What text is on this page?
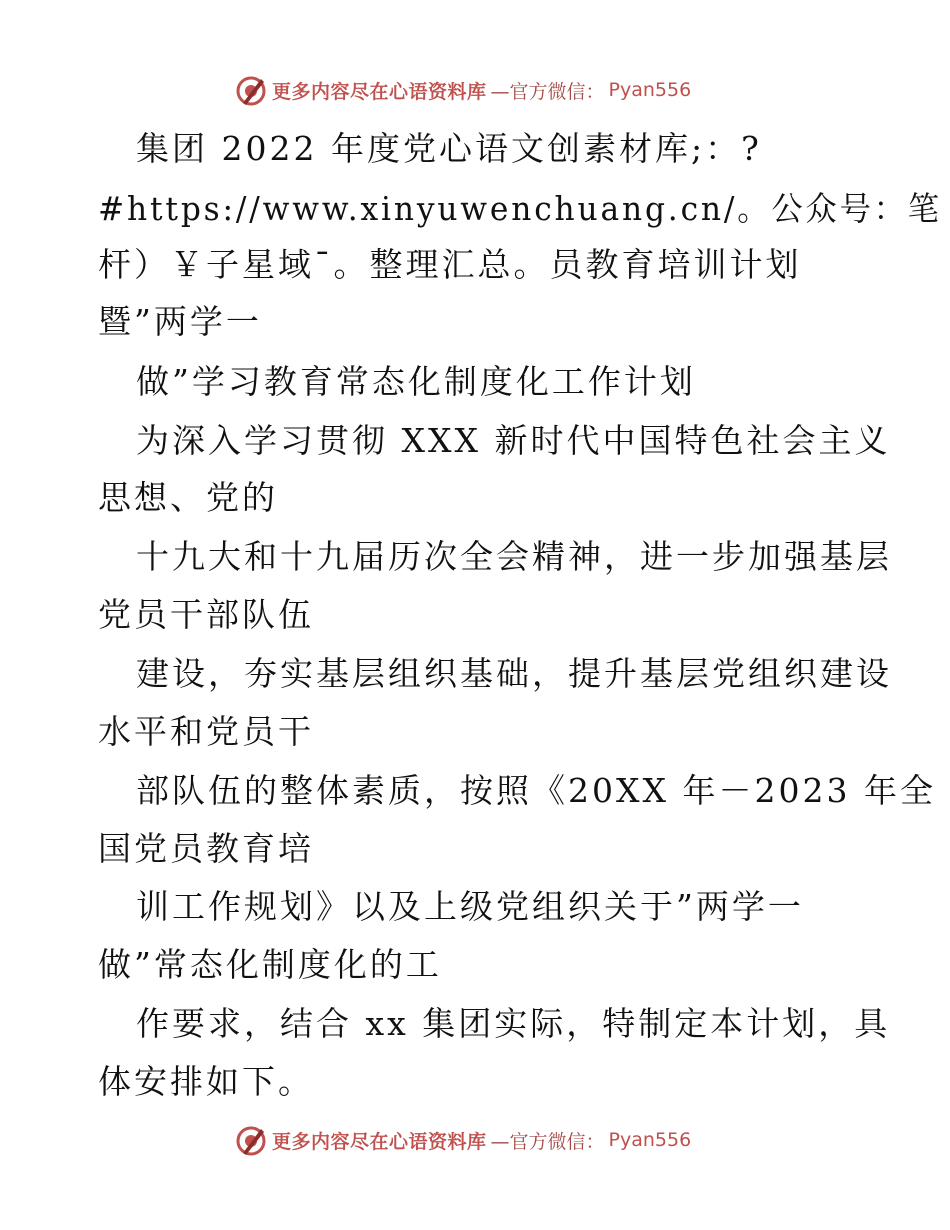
更多内容尽在心语资料库 —官方微信： Pyan556
集团 2022 年度党心语文创素材库;：?
#https://www.xinyuwenchuang.cn/。公众号：笔
杆）￥子星域¯。整理汇总。员教育培训计划
暨”两学一
做”学习教育常态化制度化工作计划
为深入学习贯彻 XXX 新时代中国特色社会主义
思想、党的
十九大和十九届历次全会精神，进一步加强基层
党员干部队伍
建设，夯实基层组织基础，提升基层党组织建设
水平和党员干
部队伍的整体素质，按照《20XX 年－2023 年全
国党员教育培
训工作规划》以及上级党组织关于”两学一
做”常态化制度化的工
作要求，结合 xx 集团实际，特制定本计划，具
体安排如下。
更多内容尽在心语资料库 —官方微信： Pyan556
